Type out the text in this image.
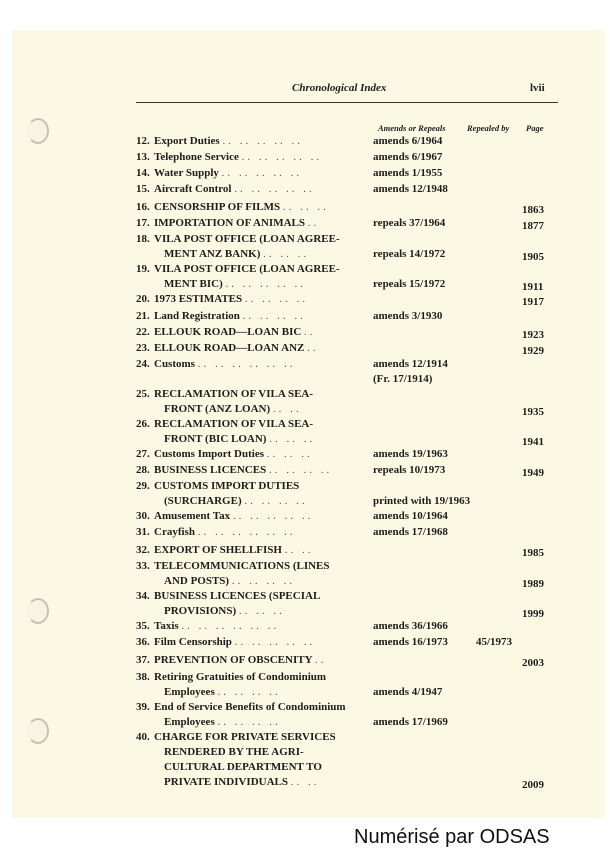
Chronological Index	lvii
Amends or Repeals	Repealed by Page
12. Export Duties .. .. .. .. ..	amends 6/1964
13. Telephone Service .. .. .. .. ..	amends 6/1967
14. Water Supply .. .. .. .. ..	amends 1/1955
15. Aircraft Control .. .. .. .. ..	amends 12/1948
16. CENSORSHIP OF FILMS .. .. ..	1863
17. IMPORTATION OF ANIMALS ..	repeals 37/1964	1877
18. VILA POST OFFICE (LOAN AGREE-
MENT ANZ BANK) .. .. ..	repeals 14/1972	1905
19. VILA POST OFFICE (LOAN AGREE-
MENT BIC) .. .. .. .. ..	repeals 15/1972	1911
20. 1973 ESTIMATES .. .. .. ..	1917
21. Land Registration .. .. .. ..	amends 3/1930
22. ELLOUK ROAD—LOAN BIC ..	1923
23. ELLOUK ROAD—LOAN ANZ ..	1929
24. Customs .. .. .. .. .. ..	amends 12/1914
(Fr. 17/1914)
25. RECLAMATION OF VILA SEA-
FRONT (ANZ LOAN) .. ..	1935
26. RECLAMATION OF VILA SEA-
FRONT (BIC LOAN) .. .. ..	1941
27. Customs Import Duties .. .. ..	amends 19/1963
28. BUSINESS LICENCES .. .. .. ..	repeals 10/1973	1949
29. CUSTOMS IMPORT DUTIES
(SURCHARGE) .. .. .. ..	printed with 19/1963
30. Amusement Tax .. .. .. .. ..	amends 10/1964
31. Crayfish .. .. .. .. .. ..	amends 17/1968
32. EXPORT OF SHELLFISH .. ..	1985
33. TELECOMMUNICATIONS (LINES
AND POSTS) .. .. .. ..	1989
34. BUSINESS LICENCES (SPECIAL
PROVISIONS) .. .. ..	1999
35. Taxis .. .. .. .. .. ..	amends 36/1966
36. Film Censorship .. .. .. .. ..	amends 16/1973	45/1973
37. PREVENTION OF OBSCENITY ..	2003
38. Retiring Gratuities of Condominium
Employees .. .. .. ..	amends 4/1947
39. End of Service Benefits of Condominium
Employees .. .. .. ..	amends 17/1969
40. CHARGE FOR PRIVATE SERVICES
RENDERED BY THE AGRI-
CULTURAL DEPARTMENT TO
PRIVATE INDIVIDUALS .. ..	2009
Numérisé par ODSAS
